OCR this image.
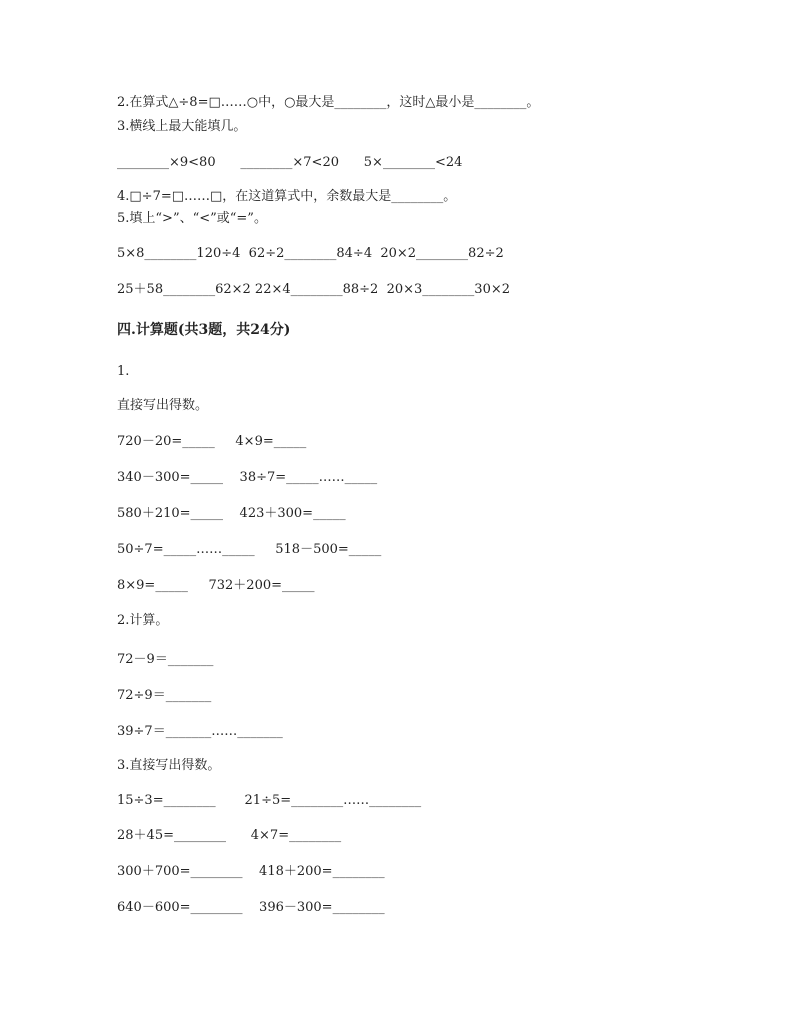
2.在算式△÷8=□……○中，○最大是________，这时△最小是________。
3.横线上最大能填几。
________×9<80      ________×7<20      5×________<24
4.□÷7=□……□，在这道算式中，余数最大是________。
5.填上“>”、“<”或“=”。
5×8________120÷4  62÷2________84÷4  20×2________82÷2
25＋58________62×2 22×4________88÷2  20×3________30×2
四.计算题(共3题，共24分)
1.
直接写出得数。
720－20=_____     4×9=_____
340－300=_____    38÷7=_____……_____
580＋210=_____    423＋300=_____
50÷7=_____……_____     518－500=_____
8×9=_____     732＋200=_____
2.计算。
72－9＝_______
72÷9＝_______
39÷7＝_______……_______
3.直接写出得数。
15÷3=________       21÷5=________……________
28＋45=________      4×7=________
300＋700=________    418＋200=________
640－600=________    396－300=________
